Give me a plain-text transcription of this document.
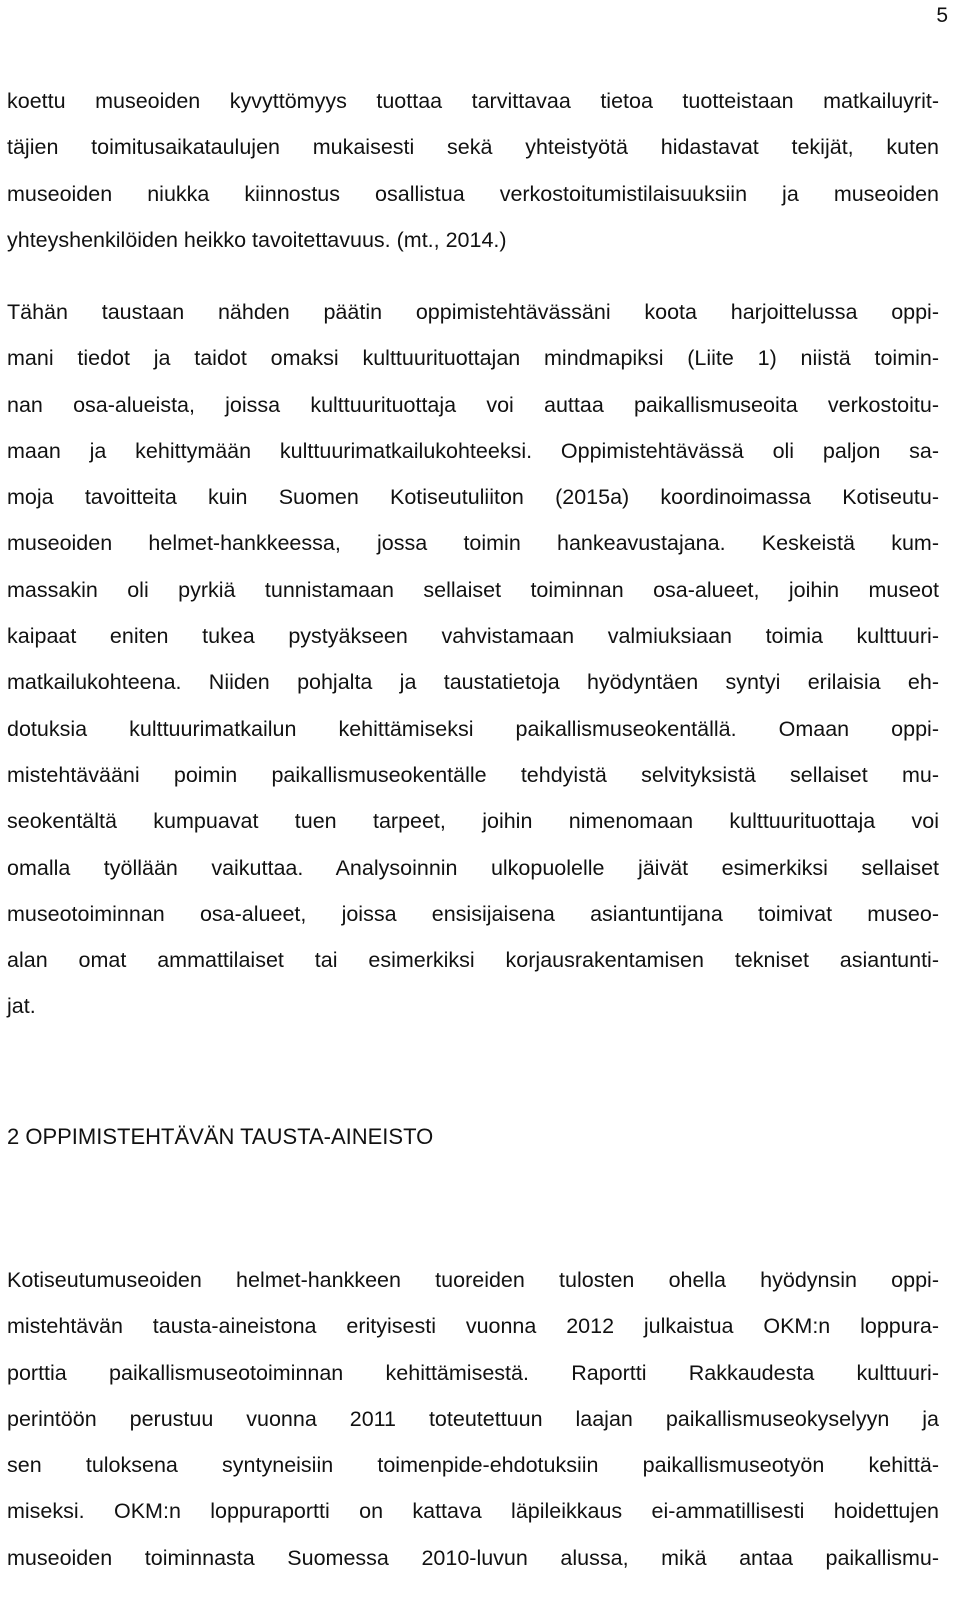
5
koettu museoiden kyvyttömyys tuottaa tarvittavaa tietoa tuotteistaan matkailuyrit-
täjien toimitusaikataulujen mukaisesti sekä yhteistyötä hidastavat tekijät, kuten
museoiden niukka kiinnostus osallistua verkostoitumistilaisuuksiin ja museoiden
yhteyshenkilöiden heikko tavoitettavuus. (mt., 2014.)
Tähän taustaan nähden päätin oppimistehtävässäni koota harjoittelussa oppi-
mani tiedot ja taidot omaksi kulttuurituottajan mindmapiksi (Liite 1) niistä toimin-
nan osa-alueista, joissa kulttuurituottaja voi auttaa paikallismuseoita verkostoitu-
maan ja kehittymään kulttuurimatkailukohteeksi. Oppimistehtävässä oli paljon sa-
moja tavoitteita kuin Suomen Kotiseutuliiton (2015a) koordinoimassa Kotiseutu-
museoiden helmet-hankkeessa, jossa toimin hankeavustajana. Keskeistä kum-
massakin oli pyrkiä tunnistamaan sellaiset toiminnan osa-alueet, joihin museot
kaipaat eniten tukea pystyäkseen vahvistamaan valmiuksiaan toimia kulttuuri-
matkailukohteena. Niiden pohjalta ja taustatietoja hyödyntäen syntyi erilaisia eh-
dotuksia kulttuurimatkailun kehittämiseksi paikallismuseokentällä. Omaan oppi-
mistehtävääni poimin paikallismuseokentälle tehdyistä selvityksistä sellaiset mu-
seokentältä kumpuavat tuen tarpeet, joihin nimenomaan kulttuurituottaja voi
omalla työllään vaikuttaa. Analysoinnin ulkopuolelle jäivät esimerkiksi sellaiset
museotoiminnan osa-alueet, joissa ensisijaisena asiantuntijana toimivat museo-
alan omat ammattilaiset tai esimerkiksi korjausrakentamisen tekniset asiantunti-
jat.
2 OPPIMISTEHTÄVÄN TAUSTA-AINEISTO
Kotiseutumuseoiden helmet-hankkeen tuoreiden tulosten ohella hyödynsin oppi-
mistehtävän tausta-aineistona erityisesti vuonna 2012 julkaistua OKM:n loppura-
porttia paikallismuseotoiminnan kehittämisestä. Raportti Rakkaudesta kulttuuri-
perintöön perustuu vuonna 2011 toteutettuun laajan paikallismuseokyselyyn ja
sen tuloksena syntyneisiin toimenpide-ehdotuksiin paikallismuseotyön kehittä-
miseksi. OKM:n loppuraportti on kattava läpileikkaus ei-ammatillisesti hoidettujen
museoiden toiminnasta Suomessa 2010-luvun alussa, mikä antaa paikallismu-
